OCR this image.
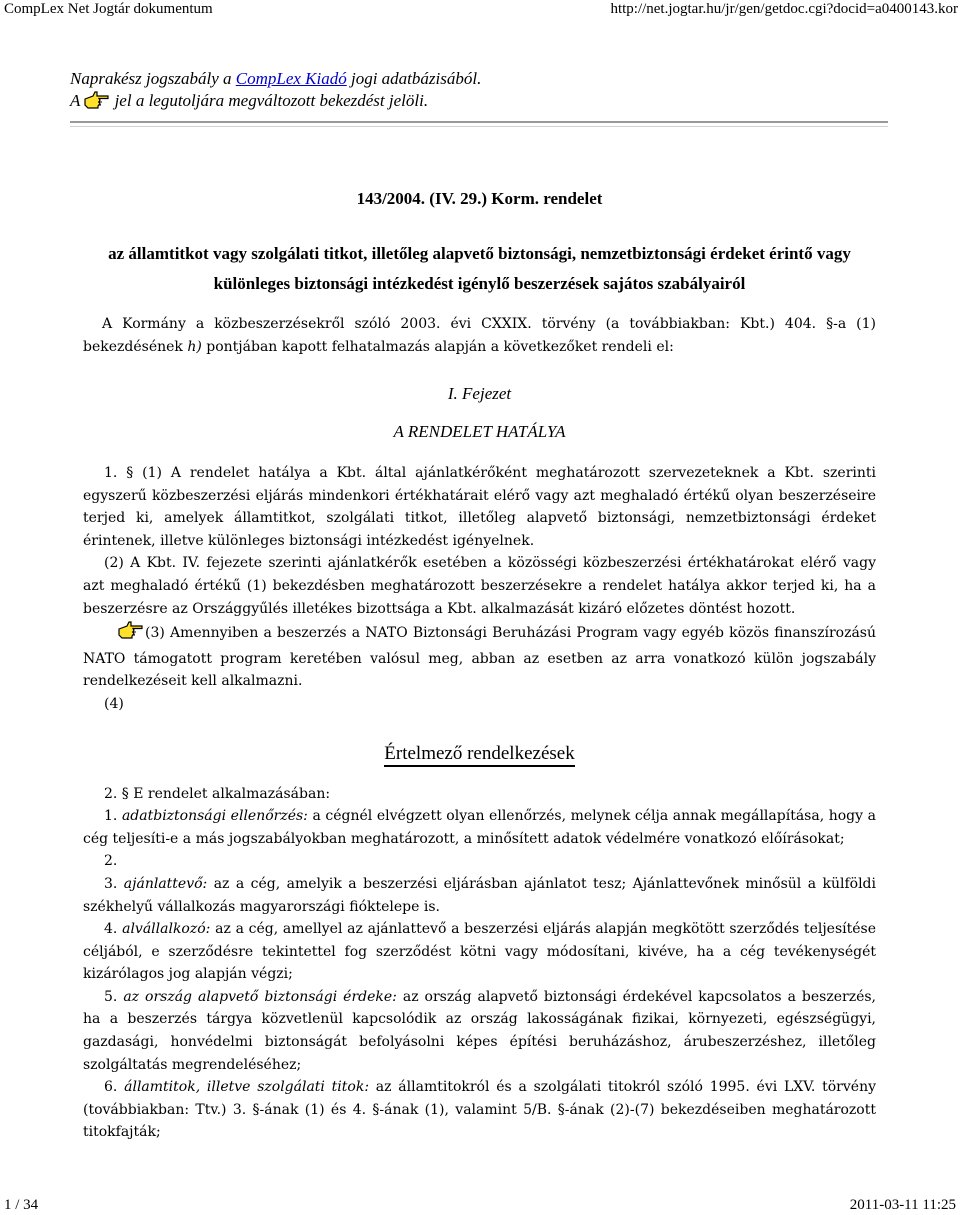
CompLex Net Jogtár dokumentum	http://net.jogtar.hu/jr/gen/getdoc.cgi?docid=a0400143.kor
Naprakész jogszabály a CompLex Kiadó jogi adatbázisából.
A  jel a legutoljára megváltozott bekezdést jelöli.
143/2004. (IV. 29.) Korm. rendelet
az államtitkot vagy szolgálati titkot, illetőleg alapvető biztonsági, nemzetbiztonsági érdeket érintő vagy különleges biztonsági intézkedést igénylő beszerzések sajátos szabályairól
A Kormány a közbeszerzésekről szóló 2003. évi CXXIX. törvény (a továbbiakban: Kbt.) 404. §-a (1) bekezdésének h) pontjában kapott felhatalmazás alapján a következőket rendeli el:
I. Fejezet
A RENDELET HATÁLYA

1. § (1) A rendelet hatálya a Kbt. által ajánlatkérőként meghatározott szervezeteknek a Kbt. szerinti egyszerű közbeszerzési eljárás mindenkori értékhatárait elérő vagy azt meghaladó értékű olyan beszerzéseire terjed ki, amelyek államtitkot, szolgálati titkot, illetőleg alapvető biztonsági, nemzetbiztonsági érdeket érintenek, illetve különleges biztonsági intézkedést igényelnek.

(2) A Kbt. IV. fejezete szerinti ajánlatkérők esetében a közösségi közbeszerzési értékhatárokat elérő vagy azt meghaladó értékű (1) bekezdésben meghatározott beszerzésekre a rendelet hatálya akkor terjed ki, ha a beszerzésre az Országgyűlés illetékes bizottsága a Kbt. alkalmazását kizáró előzetes döntést hozott.

(3) Amennyiben a beszerzés a NATO Biztonsági Beruházási Program vagy egyéb közös finanszírozású NATO támogatott program keretében valósul meg, abban az esetben az arra vonatkozó külön jogszabály rendelkezéseit kell alkalmazni.

(4)

Értelmező rendelkezések

2. § E rendelet alkalmazásában:

1. adatbiztonsági ellenőrzés: a cégnél elvégzett olyan ellenőrzés, melynek célja annak megállapítása, hogy a cég teljesíti-e a más jogszabályokban meghatározott, a minősített adatok védelmére vonatkozó előírásokat;

2.

3. ajánlattevő: az a cég, amelyik a beszerzési eljárásban ajánlatot tesz; Ajánlattevőnek minősül a külföldi székhelyű vállalkozás magyarországi fióktelepe is.

4. alvállalkozó: az a cég, amellyel az ajánlattevő a beszerzési eljárás alapján megkötött szerződés teljesítése céljából, e szerződésre tekintettel fog szerződést kötni vagy módosítani, kivéve, ha a cég tevékenységét kizárólagos jog alapján végzi;

5. az ország alapvető biztonsági érdeke: az ország alapvető biztonsági érdekével kapcsolatos a beszerzés, ha a beszerzés tárgya közvetlenül kapcsolódik az ország lakosságának fizikai, környezeti, egészségügyi, gazdasági, honvédelmi biztonságát befolyásolni képes építési beruházáshoz, árubeszerzéshez, illetőleg szolgáltatás megrendeléséhez;

6. államtitok, illetve szolgálati titok: az államtitokról és a szolgálati titokról szóló 1995. évi LXV. törvény (továbbiakban: Ttv.) 3. §-ának (1) és 4. §-ának (1), valamint 5/B. §-ának (2)-(7) bekezdéseiben meghatározott titokfajták;

1 / 34	2011-03-11 11:25
